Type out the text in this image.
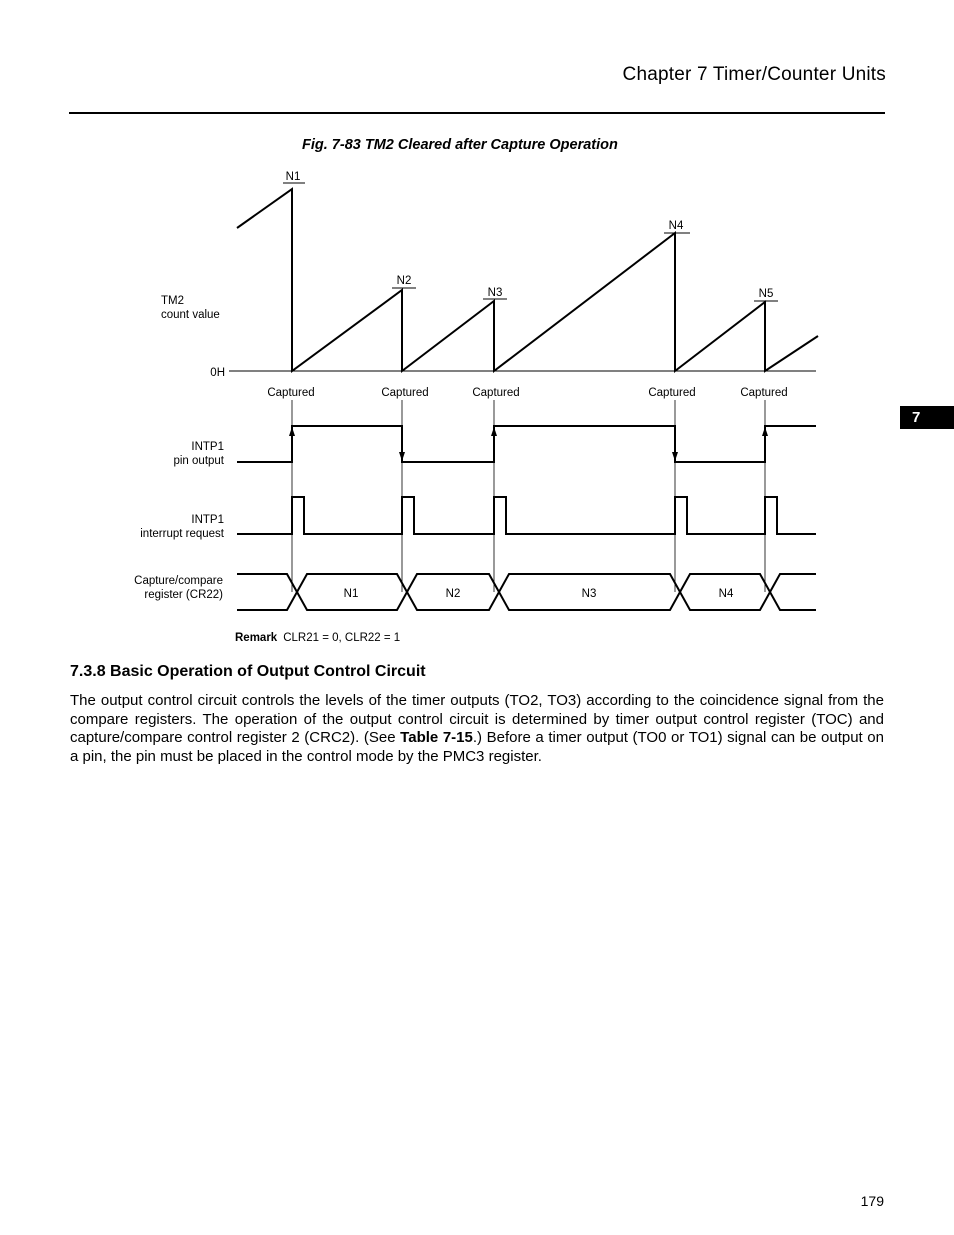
Chapter 7 Timer/Counter Units
7
Fig. 7-83 TM2 Cleared after Capture Operation
N1
N2
N3
N4
N5
TM2
count value
0H
INTP1
pin output
INTP1
interrupt request
Capture/compare
register (CR22)
Captured	Captured	Captured	Captured	Captured
N1	N2	N3	N4
Remark CLR21 = 0, CLR22 = 1
7.3.8 Basic Operation of Output Control Circuit

The output control circuit controls the levels of the timer outputs (TO2, TO3) according to the coincidence signal from the compare registers. The operation of the output control circuit is determined by timer output control register (TOC) and capture/compare control register 2 (CRC2). (See Table 7-15.) Before a timer output (TO0 or TO1) signal can be output on a pin, the pin must be placed in the control mode by the PMC3 register.

179
